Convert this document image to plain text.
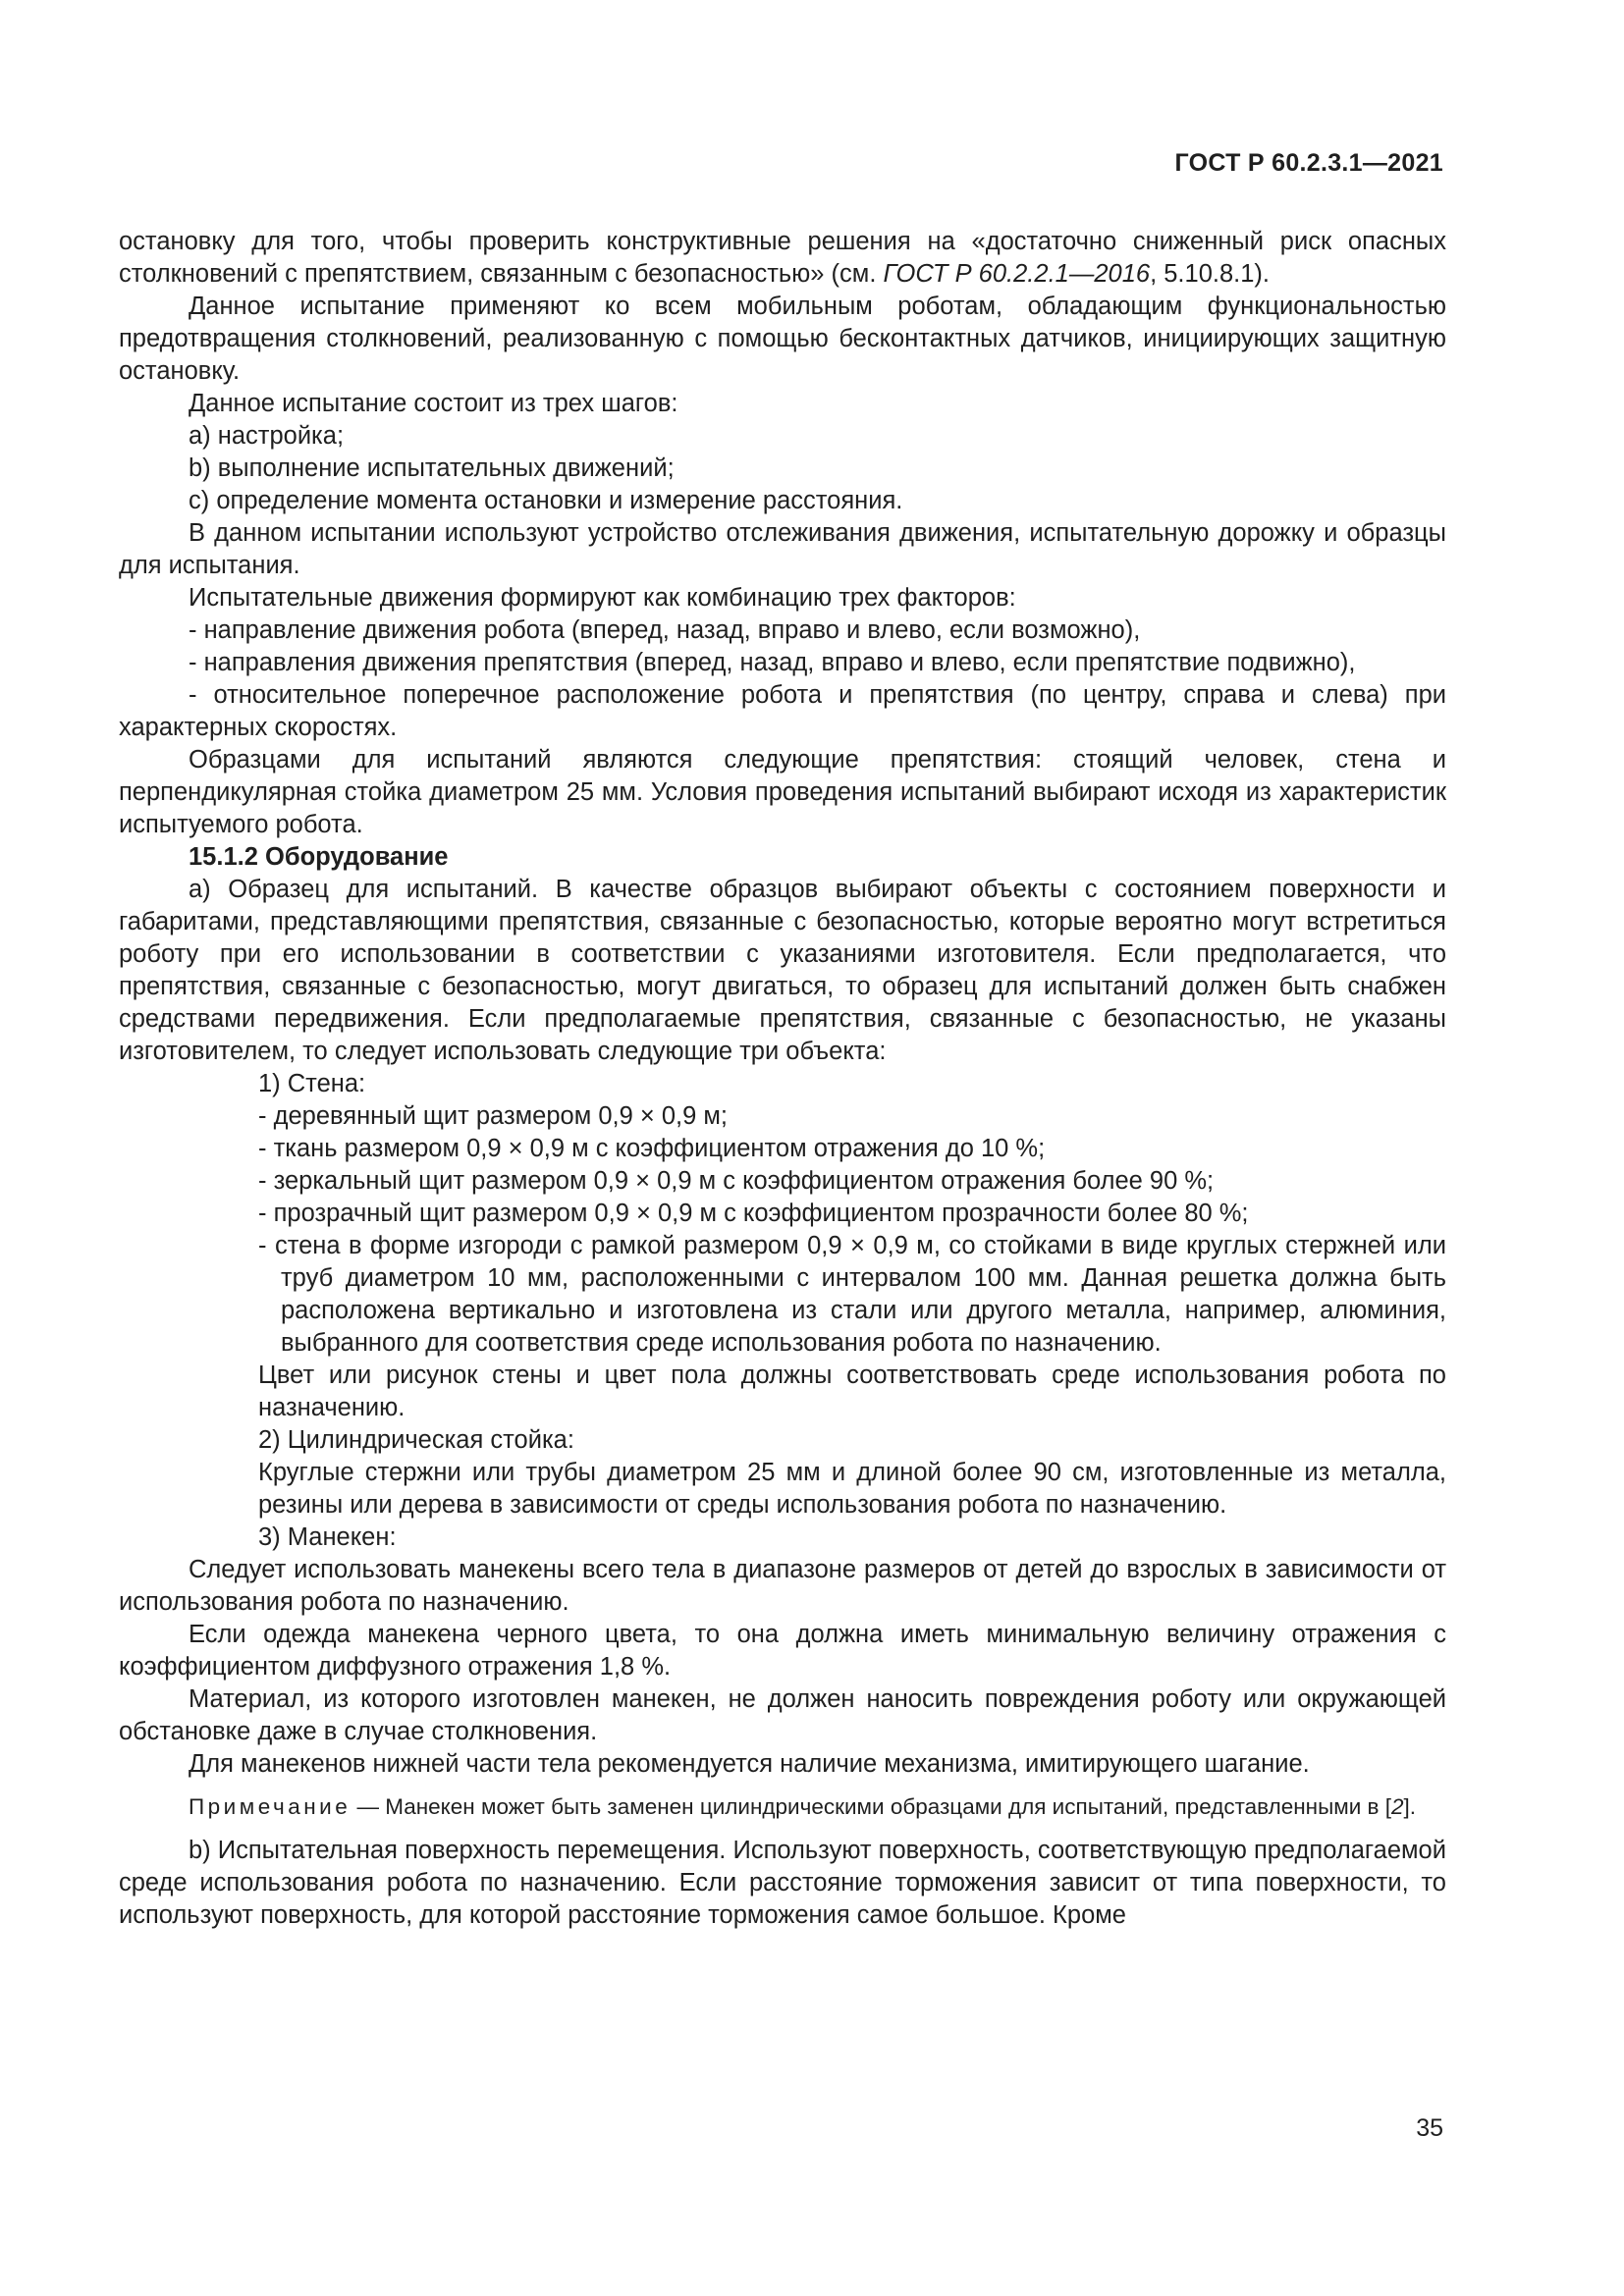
ГОСТ Р 60.2.3.1—2021

остановку для того, чтобы проверить конструктивные решения на «достаточно сниженный риск опасных столкновений с препятствием, связанным с безопасностью» (см. ГОСТ Р 60.2.2.1—2016, 5.10.8.1).

Данное испытание применяют ко всем мобильным роботам, обладающим функциональностью предотвращения столкновений, реализованную с помощью бесконтактных датчиков, инициирующих защитную остановку.

Данное испытание состоит из трех шагов:

a) настройка;

b) выполнение испытательных движений;

c) определение момента остановки и измерение расстояния.

В данном испытании используют устройство отслеживания движения, испытательную дорожку и образцы для испытания.

Испытательные движения формируют как комбинацию трех факторов:

- направление движения робота (вперед, назад, вправо и влево, если возможно),

- направления движения препятствия (вперед, назад, вправо и влево, если препятствие подвижно),

- относительное поперечное расположение робота и препятствия (по центру, справа и слева) при характерных скоростях.

Образцами для испытаний являются следующие препятствия: стоящий человек, стена и перпендикулярная стойка диаметром 25 мм. Условия проведения испытаний выбирают исходя из характеристик испытуемого робота.

15.1.2 Оборудование

a) Образец для испытаний. В качестве образцов выбирают объекты с состоянием поверхности и габаритами, представляющими препятствия, связанные с безопасностью, которые вероятно могут встретиться роботу при его использовании в соответствии с указаниями изготовителя. Если предполагается, что препятствия, связанные с безопасностью, могут двигаться, то образец для испытаний должен быть снабжен средствами передвижения. Если предполагаемые препятствия, связанные с безопасностью, не указаны изготовителем, то следует использовать следующие три объекта:

1) Стена:

- деревянный щит размером 0,9 × 0,9 м;

- ткань размером 0,9 × 0,9 м с коэффициентом отражения до 10 %;

- зеркальный щит размером 0,9 × 0,9 м с коэффициентом отражения более 90 %;

- прозрачный щит размером 0,9 × 0,9 м с коэффициентом прозрачности более 80 %;

- стена в форме изгороди с рамкой размером 0,9 × 0,9 м, со стойками в виде круглых стержней или труб диаметром 10 мм, расположенными с интервалом 100 мм. Данная решетка должна быть расположена вертикально и изготовлена из стали или другого металла, например, алюминия, выбранного для соответствия среде использования робота по назначению.

Цвет или рисунок стены и цвет пола должны соответствовать среде использования робота по назначению.

2) Цилиндрическая стойка:

Круглые стержни или трубы диаметром 25 мм и длиной более 90 см, изготовленные из металла, резины или дерева в зависимости от среды использования робота по назначению.

3) Манекен:

Следует использовать манекены всего тела в диапазоне размеров от детей до взрослых в зависимости от использования робота по назначению.

Если одежда манекена черного цвета, то она должна иметь минимальную величину отражения с коэффициентом диффузного отражения 1,8 %.

Материал, из которого изготовлен манекен, не должен наносить повреждения роботу или окружающей обстановке даже в случае столкновения.

Для манекенов нижней части тела рекомендуется наличие механизма, имитирующего шагание.

Примечание — Манекен может быть заменен цилиндрическими образцами для испытаний, представленными в [2].

b) Испытательная поверхность перемещения. Используют поверхность, соответствующую предполагаемой среде использования робота по назначению. Если расстояние торможения зависит от типа поверхности, то используют поверхность, для которой расстояние торможения самое большое. Кроме

35
